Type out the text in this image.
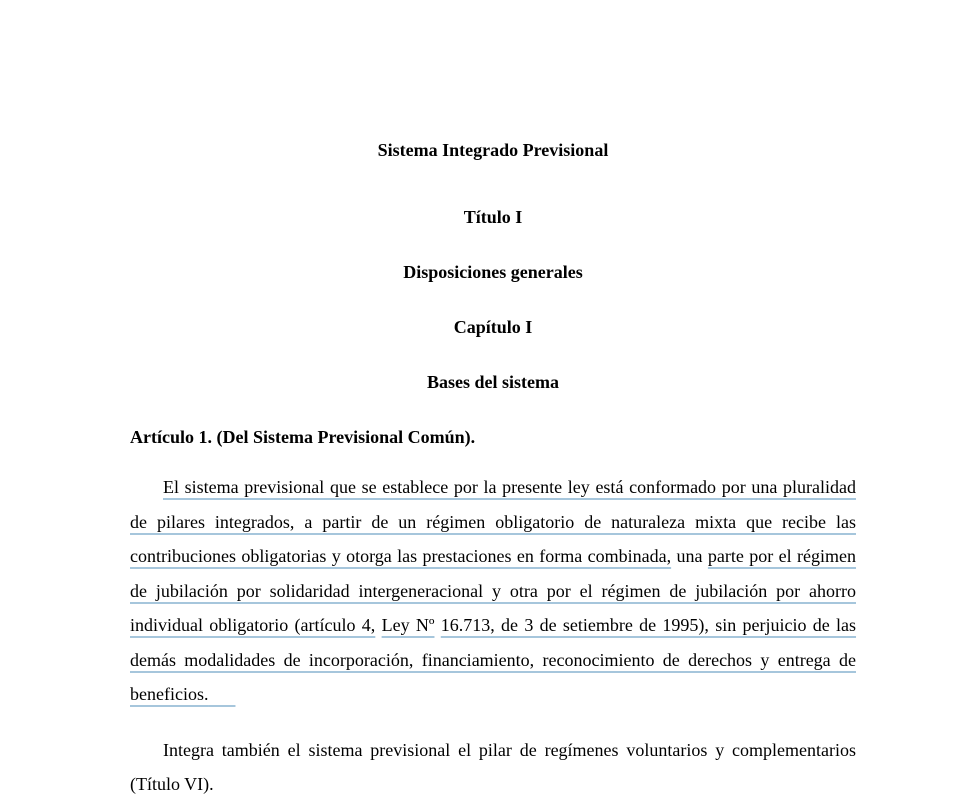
Sistema Integrado Previsional
Título I
Disposiciones generales
Capítulo I
Bases del sistema
Artículo 1. (Del Sistema Previsional Común).

El sistema previsional que se establece por la presente ley está conformado por una pluralidad de pilares integrados, a partir de un régimen obligatorio de naturaleza mixta que recibe las contribuciones obligatorias y otorga las prestaciones en forma combinada, una parte por el régimen de jubilación por solidaridad intergeneracional y otra por el régimen de jubilación por ahorro individual obligatorio (artículo 4, Ley Nº 16.713, de 3 de setiembre de 1995), sin perjuicio de las demás modalidades de incorporación, financiamiento, reconocimiento de derechos y entrega de beneficios.

Integra también el sistema previsional el pilar de regímenes voluntarios y complementarios (Título VI).
